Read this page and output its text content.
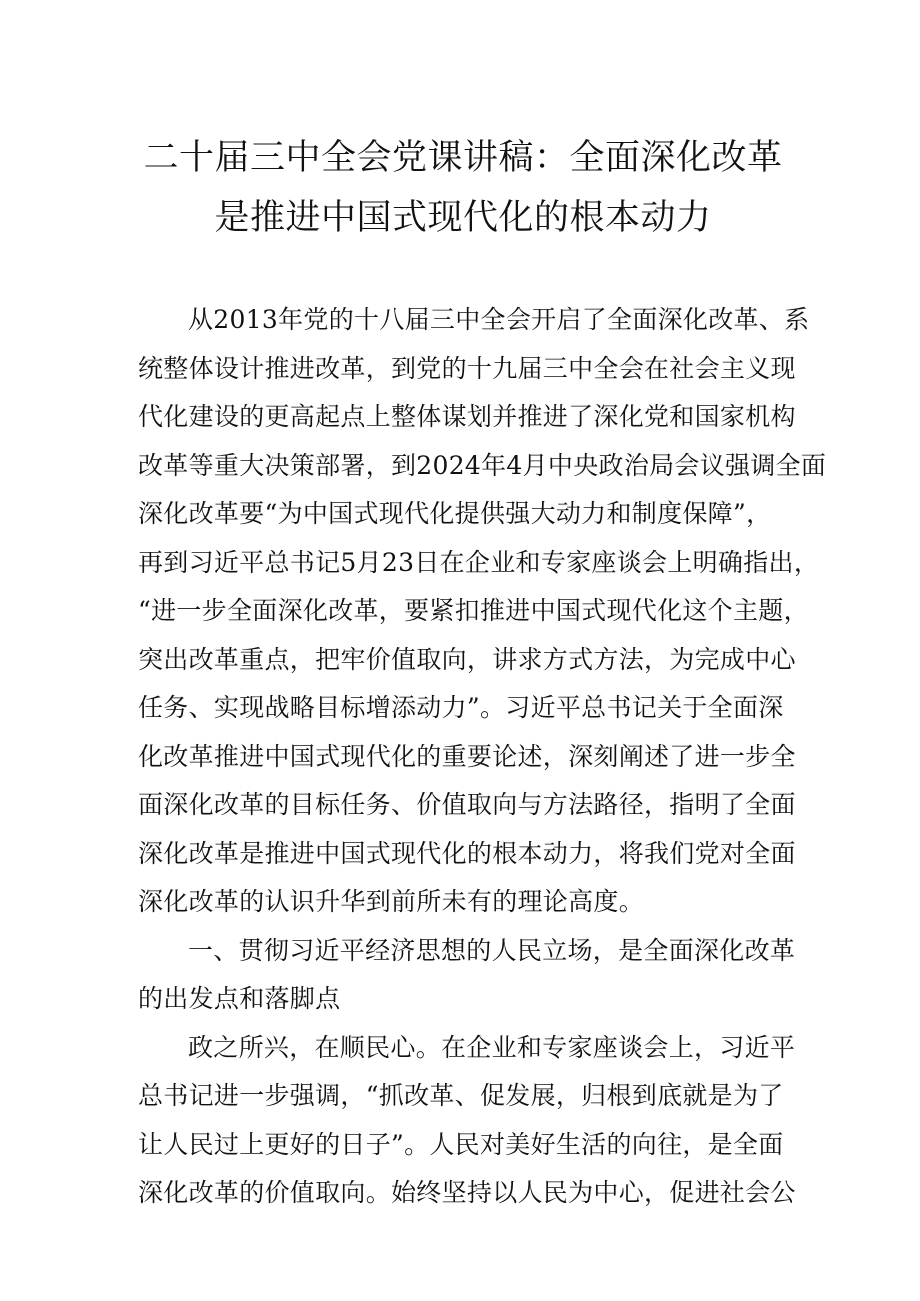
二十届三中全会党课讲稿：全面深化改革
是推进中国式现代化的根本动力

从2013年党的十八届三中全会开启了全面深化改革、系
统整体设计推进改革，到党的十九届三中全会在社会主义现
代化建设的更高起点上整体谋划并推进了深化党和国家机构
改革等重大决策部署，到2024年4月中央政治局会议强调全面
深化改革要“为中国式现代化提供强大动力和制度保障”，
再到习近平总书记5月23日在企业和专家座谈会上明确指出，
“进一步全面深化改革，要紧扣推进中国式现代化这个主题，
突出改革重点，把牢价值取向，讲求方式方法，为完成中心
任务、实现战略目标增添动力”。习近平总书记关于全面深
化改革推进中国式现代化的重要论述，深刻阐述了进一步全
面深化改革的目标任务、价值取向与方法路径，指明了全面
深化改革是推进中国式现代化的根本动力，将我们党对全面
深化改革的认识升华到前所未有的理论高度。

一、贯彻习近平经济思想的人民立场，是全面深化改革
的出发点和落脚点

政之所兴，在顺民心。在企业和专家座谈会上，习近平
总书记进一步强调，“抓改革、促发展，归根到底就是为了
让人民过上更好的日子”。人民对美好生活的向往，是全面
深化改革的价值取向。始终坚持以人民为中心，促进社会公
